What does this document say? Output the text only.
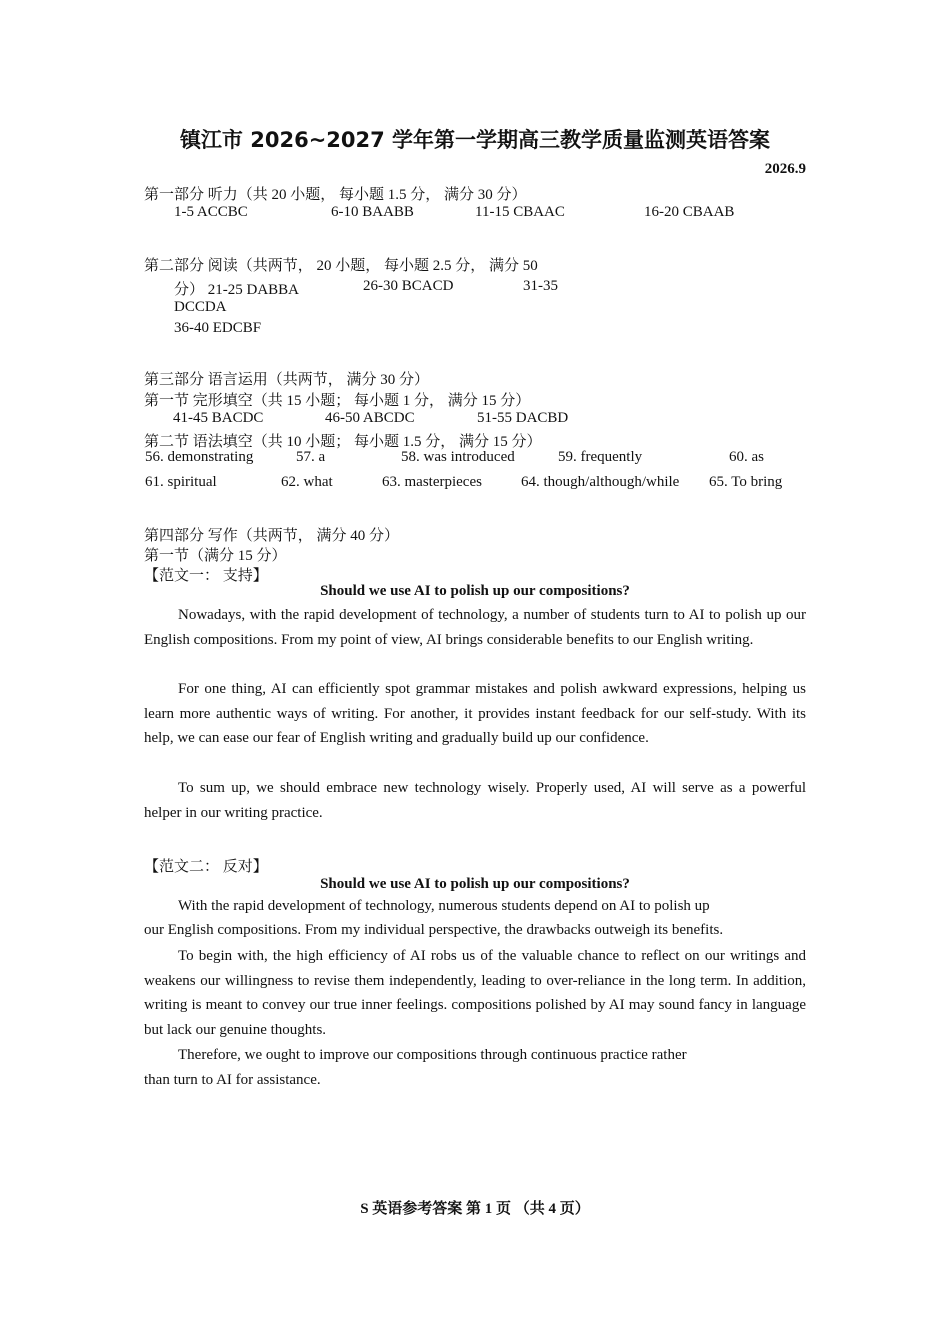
镇江市 2026~2027 学年第一学期高三教学质量监测英语答案
2026.9
第一部分 听力（共 20 小题， 每小题 1.5 分， 满分 30 分）
1-5 ACCBC	6-10 BAABB	11-15 CBAAC	16-20 CBAAB
第二部分 阅读（共两节， 20 小题， 每小题 2.5 分， 满分 50
分） 21-25 DABBA	26-30 BCACD	31-35
DCCDA
36-40 EDCBF
第三部分 语言运用（共两节， 满分 30 分）
第一节 完形填空（共 15 小题； 每小题 1 分， 满分 15 分）
41-45 BACDC	46-50 ABCDC	51-55 DACBD
第二节 语法填空（共 10 小题； 每小题 1.5 分， 满分 15 分）
56. demonstrating	57. a	58. was introduced	59. frequently	60. as
61. spiritual	62. what	63. masterpieces	64. though/although/while 65. To bring
第四部分 写作（共两节， 满分 40 分）
第一节（满分 15 分）
【范文一： 支持】
Should we use AI to polish up our compositions?

Nowadays, with the rapid development of technology, a number of students turn to AI to polish up our English compositions. From my point of view, AI brings considerable benefits to our English writing.

For one thing, AI can efficiently spot grammar mistakes and polish awkward expressions, helping us learn more authentic ways of writing. For another, it provides instant feedback for our self-study. With its help, we can ease our fear of English writing and gradually build up our confidence.

To sum up, we should embrace new technology wisely. Properly used, AI will serve as a powerful helper in our writing practice.

【范文二： 反对】
Should we use AI to polish up our compositions?
With the rapid development of technology, numerous students depend on AI to polish up
our English compositions. From my individual perspective, the drawbacks outweigh its benefits.

To begin with, the high efficiency of AI robs us of the valuable chance to reflect on our writings and weakens our willingness to revise them independently, leading to over-reliance in the long term. In addition, writing is meant to convey our true inner feelings. compositions polished by AI may sound fancy in language but lack our genuine thoughts.

Therefore, we ought to improve our compositions through continuous practice rather
than turn to AI for assistance.
S 英语参考答案 第 1 页 （共 4 页）
